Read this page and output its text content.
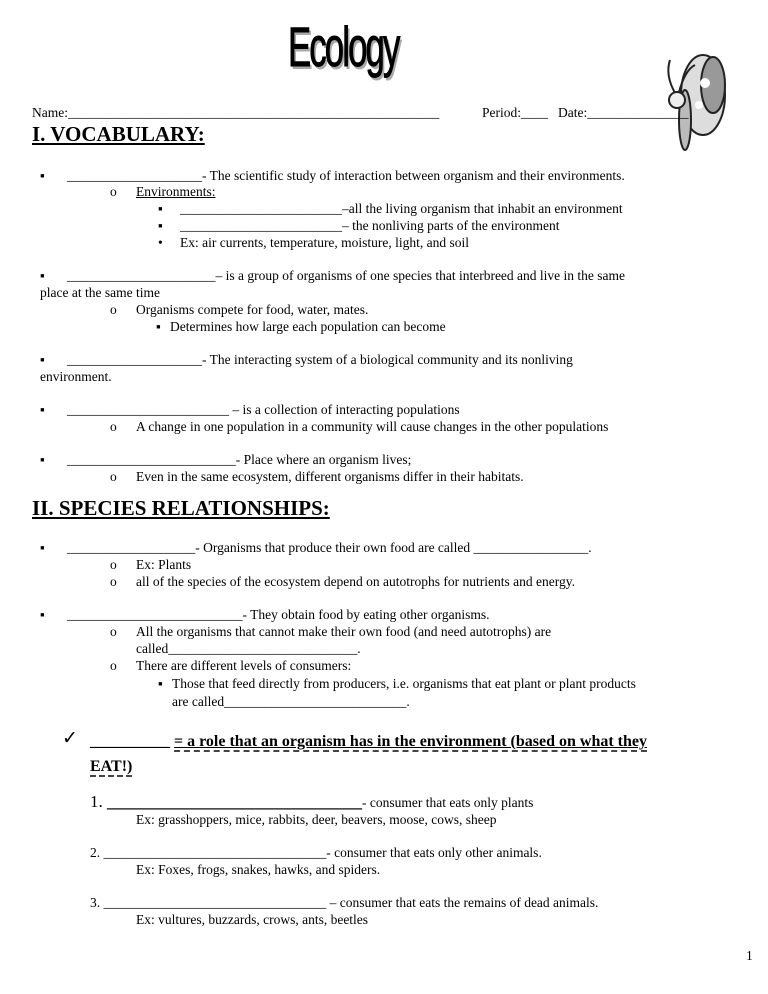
Ecology
Name:_______________________________________________________	Period:____ Date:_______________
I. VOCABULARY:
▪ ____________________- The scientific study of interaction between organism and their environments.
o Environments:
▪ ________________________–all the living organism that inhabit an environment
▪ ________________________– the nonliving parts of the environment
• Ex: air currents, temperature, moisture, light, and soil
▪ ______________________– is a group of organisms of one species that interbreed and live in the same
place at the same time
o Organisms compete for food, water, mates.
▪ Determines how large each population can become
▪ ____________________- The interacting system of a biological community and its nonliving
environment.
▪ ________________________ – is a collection of interacting populations
o A change in one population in a community will cause changes in the other populations
▪ _________________________- Place where an organism lives;
o Even in the same ecosystem, different organisms differ in their habitats.
II. SPECIES RELATIONSHIPS:
▪ ___________________- Organisms that produce their own food are called _________________.
o Ex: Plants
o all of the species of the ecosystem depend on autotrophs for nutrients and energy.
▪ __________________________- They obtain food by eating other organisms.
o All the organisms that cannot make their own food (and need autotrophs) are
called____________________________.
o There are different levels of consumers:
▪ Those that feed directly from producers, i.e. organisms that eat plant or plant products
are called___________________________.
✓ __________ = a role that an organism has in the environment (based on what they
EAT!)
1. ______________________________- consumer that eats only plants
Ex: grasshoppers, mice, rabbits, deer, beavers, moose, cows, sheep
2. _________________________________- consumer that eats only other animals.
Ex: Foxes, frogs, snakes, hawks, and spiders.
3. _________________________________ – consumer that eats the remains of dead animals.
Ex: vultures, buzzards, crows, ants, beetles
1
